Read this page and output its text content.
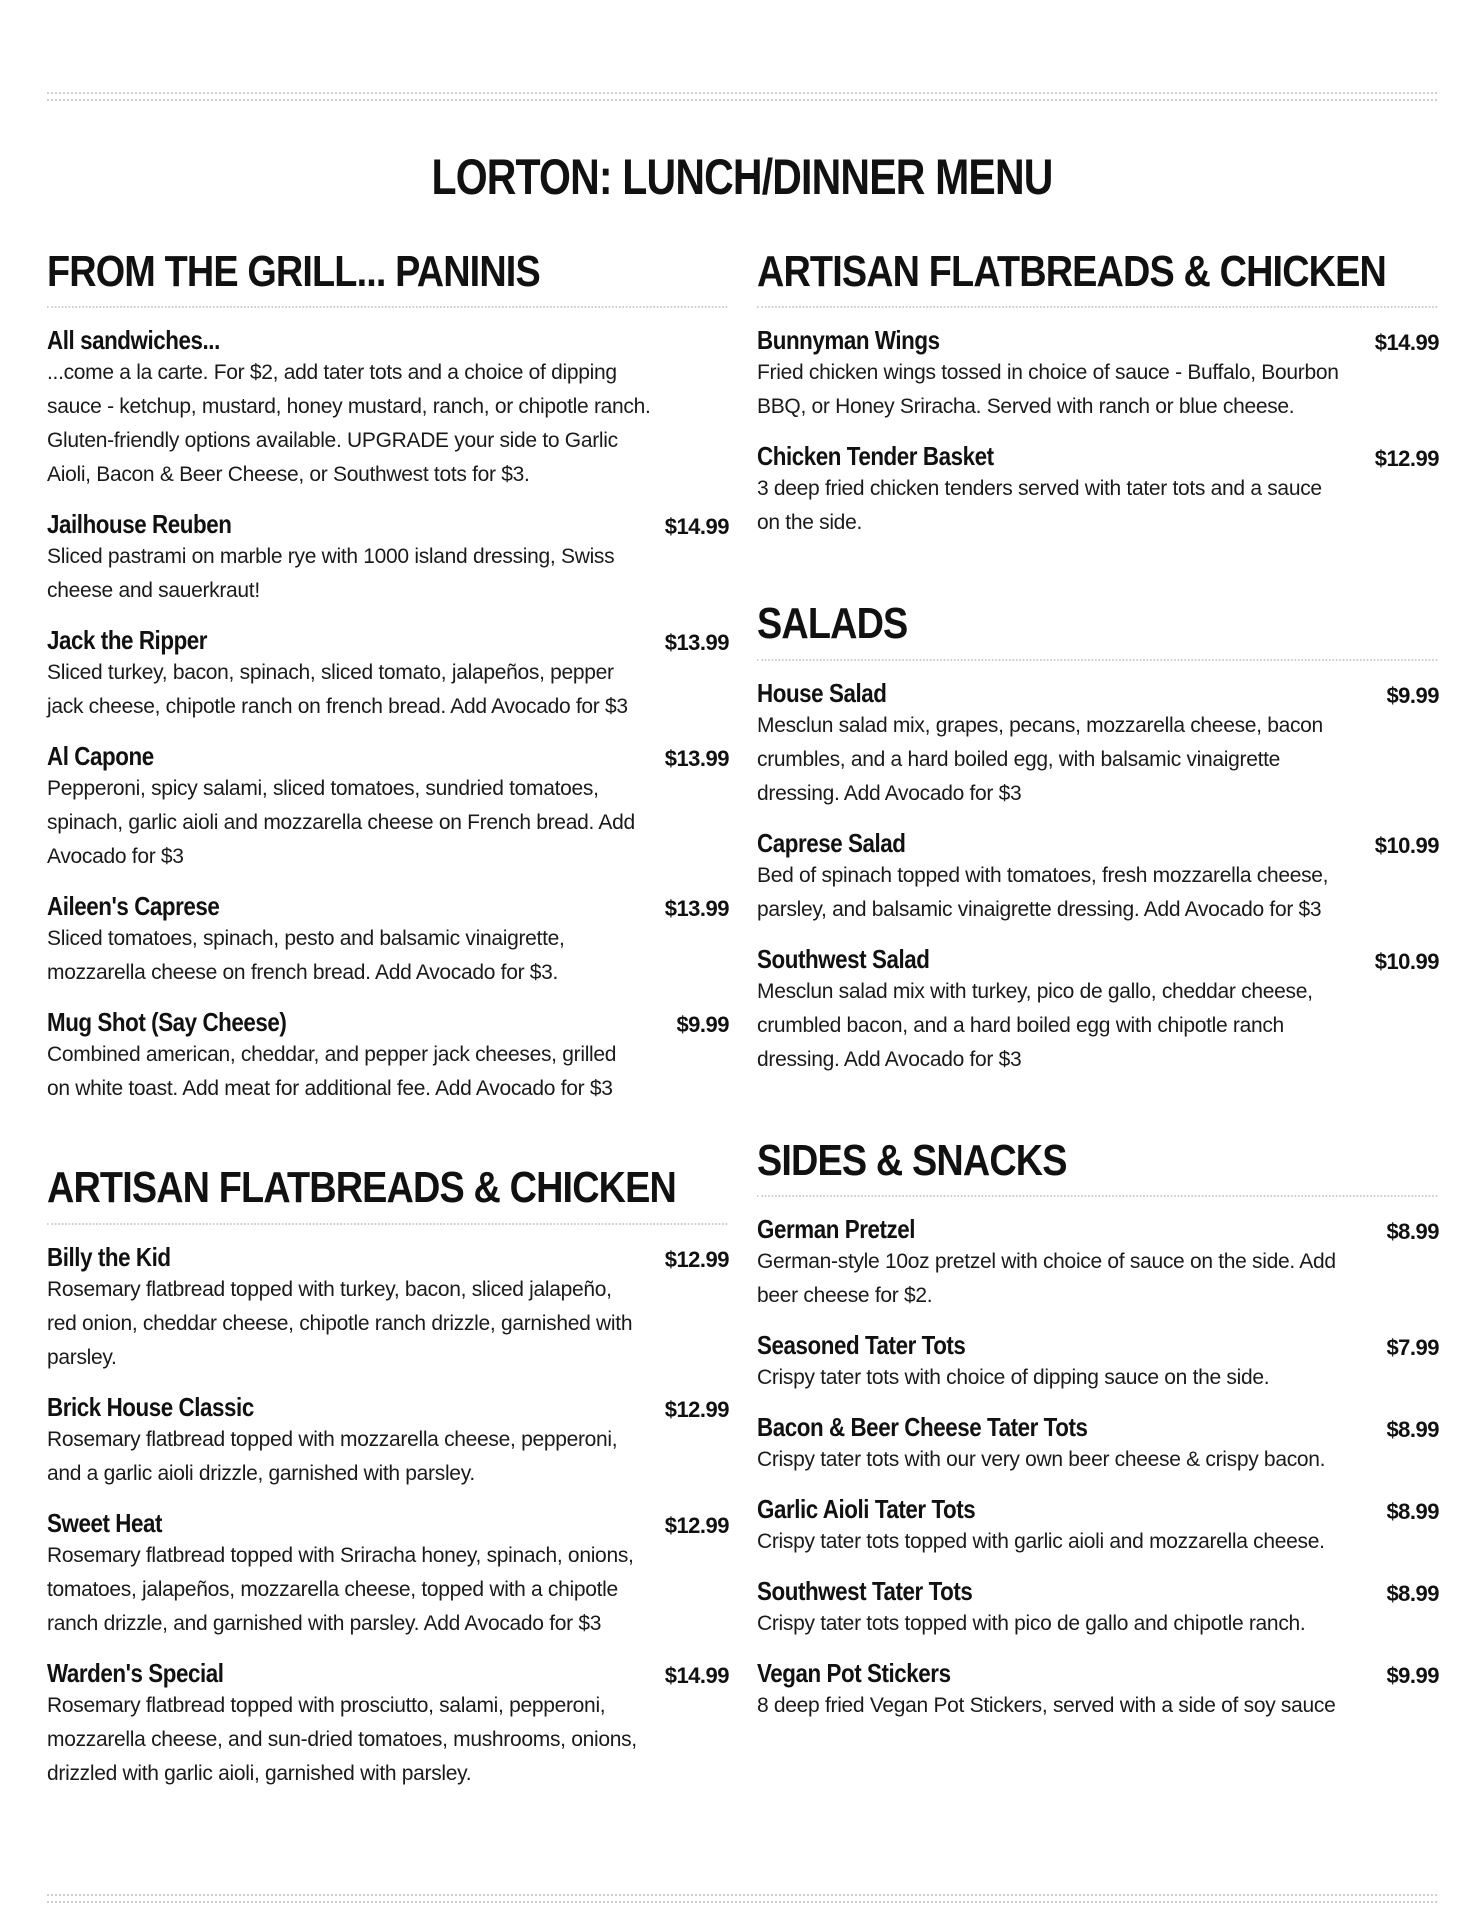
LORTON: LUNCH/DINNER MENU
FROM THE GRILL... PANINIS
All sandwiches...
...come a la carte. For $2, add tater tots and a choice of dipping sauce - ketchup, mustard, honey mustard, ranch, or chipotle ranch. Gluten-friendly options available. UPGRADE your side to Garlic Aioli, Bacon & Beer Cheese, or Southwest tots for $3.
Jailhouse Reuben	$14.99
Sliced pastrami on marble rye with 1000 island dressing, Swiss cheese and sauerkraut!
Jack the Ripper	$13.99
Sliced turkey, bacon, spinach, sliced tomato, jalapeños, pepper jack cheese, chipotle ranch on french bread. Add Avocado for $3
Al Capone	$13.99
Pepperoni, spicy salami, sliced tomatoes, sundried tomatoes, spinach, garlic aioli and mozzarella cheese on French bread. Add Avocado for $3
Aileen's Caprese	$13.99
Sliced tomatoes, spinach, pesto and balsamic vinaigrette, mozzarella cheese on french bread. Add Avocado for $3.
Mug Shot (Say Cheese)	$9.99
Combined american, cheddar, and pepper jack cheeses, grilled on white toast. Add meat for additional fee. Add Avocado for $3
ARTISAN FLATBREADS & CHICKEN
Billy the Kid	$12.99
Rosemary flatbread topped with turkey, bacon, sliced jalapeño, red onion, cheddar cheese, chipotle ranch drizzle, garnished with parsley.
Brick House Classic	$12.99
Rosemary flatbread topped with mozzarella cheese, pepperoni, and a garlic aioli drizzle, garnished with parsley.
Sweet Heat	$12.99
Rosemary flatbread topped with Sriracha honey, spinach, onions, tomatoes, jalapeños, mozzarella cheese, topped with a chipotle ranch drizzle, and garnished with parsley. Add Avocado for $3
Warden's Special	$14.99
Rosemary flatbread topped with prosciutto, salami, pepperoni, mozzarella cheese, and sun-dried tomatoes, mushrooms, onions, drizzled with garlic aioli, garnished with parsley.
ARTISAN FLATBREADS & CHICKEN
Bunnyman Wings	$14.99
Fried chicken wings tossed in choice of sauce - Buffalo, Bourbon BBQ, or Honey Sriracha. Served with ranch or blue cheese.
Chicken Tender Basket	$12.99
3 deep fried chicken tenders served with tater tots and a sauce on the side.
SALADS
House Salad	$9.99
Mesclun salad mix, grapes, pecans, mozzarella cheese, bacon crumbles, and a hard boiled egg, with balsamic vinaigrette dressing. Add Avocado for $3
Caprese Salad	$10.99
Bed of spinach topped with tomatoes, fresh mozzarella cheese, parsley, and balsamic vinaigrette dressing. Add Avocado for $3
Southwest Salad	$10.99
Mesclun salad mix with turkey, pico de gallo, cheddar cheese, crumbled bacon, and a hard boiled egg with chipotle ranch dressing. Add Avocado for $3
SIDES & SNACKS
German Pretzel	$8.99
German-style 10oz pretzel with choice of sauce on the side. Add beer cheese for $2.
Seasoned Tater Tots	$7.99
Crispy tater tots with choice of dipping sauce on the side.
Bacon & Beer Cheese Tater Tots	$8.99
Crispy tater tots with our very own beer cheese & crispy bacon.
Garlic Aioli Tater Tots	$8.99
Crispy tater tots topped with garlic aioli and mozzarella cheese.
Southwest Tater Tots	$8.99
Crispy tater tots topped with pico de gallo and chipotle ranch.
Vegan Pot Stickers	$9.99
8 deep fried Vegan Pot Stickers, served with a side of soy sauce
